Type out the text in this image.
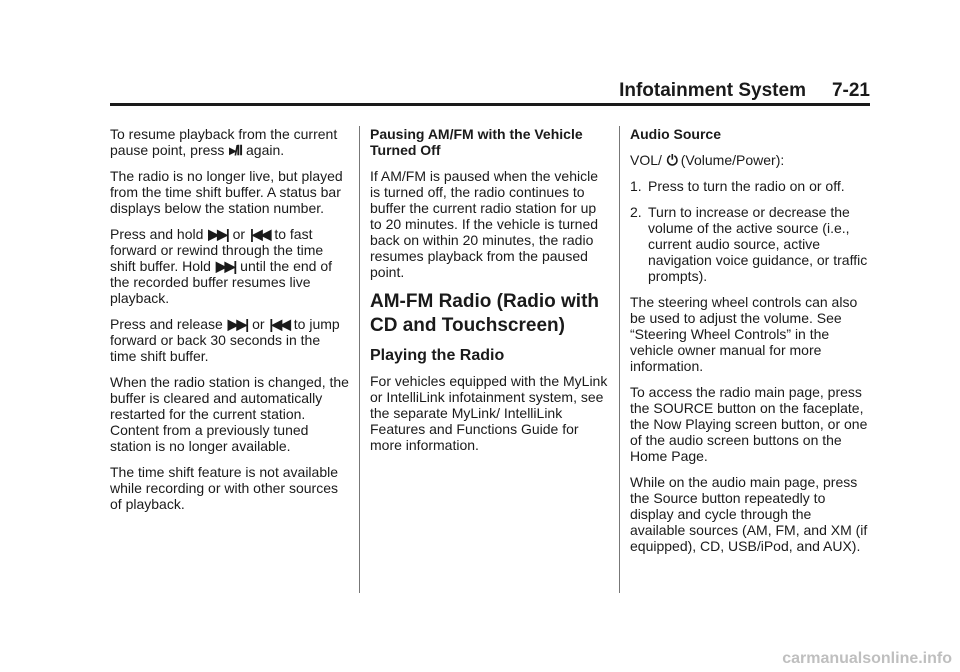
Infotainment System 7-21

To resume playback from the current pause point, press ▸/Ⅱ again.

The radio is no longer live, but played from the time shift buffer. A status bar displays below the station number.

Press and hold ▶▶| or |◀◀ to fast forward or rewind through the time shift buffer. Hold ▶▶| until the end of the recorded buffer resumes live playback.

Press and release ▶▶| or |◀◀ to jump forward or back 30 seconds in the time shift buffer.

When the radio station is changed, the buffer is cleared and automatically restarted for the current station. Content from a previously tuned station is no longer available.

The time shift feature is not available while recording or with other sources of playback.

Pausing AM/FM with the Vehicle Turned Off

If AM/FM is paused when the vehicle is turned off, the radio continues to buffer the current radio station for up to 20 minutes. If the vehicle is turned back on within 20 minutes, the radio resumes playback from the paused point.

AM-FM Radio (Radio with CD and Touchscreen)
Playing the Radio

For vehicles equipped with the MyLink or IntelliLink infotainment system, see the separate MyLink/ IntelliLink Features and Functions Guide for more information.

Audio Source

VOL/ ⏻ (Volume/Power):

1. Press to turn the radio on or off.
2. Turn to increase or decrease the volume of the active source (i.e., current audio source, active navigation voice guidance, or traffic prompts).

The steering wheel controls can also be used to adjust the volume. See “Steering Wheel Controls” in the vehicle owner manual for more information.

To access the radio main page, press the SOURCE button on the faceplate, the Now Playing screen button, or one of the audio screen buttons on the Home Page.

While on the audio main page, press the Source button repeatedly to display and cycle through the available sources (AM, FM, and XM (if equipped), CD, USB/iPod, and AUX).

carmanualsonline.info
